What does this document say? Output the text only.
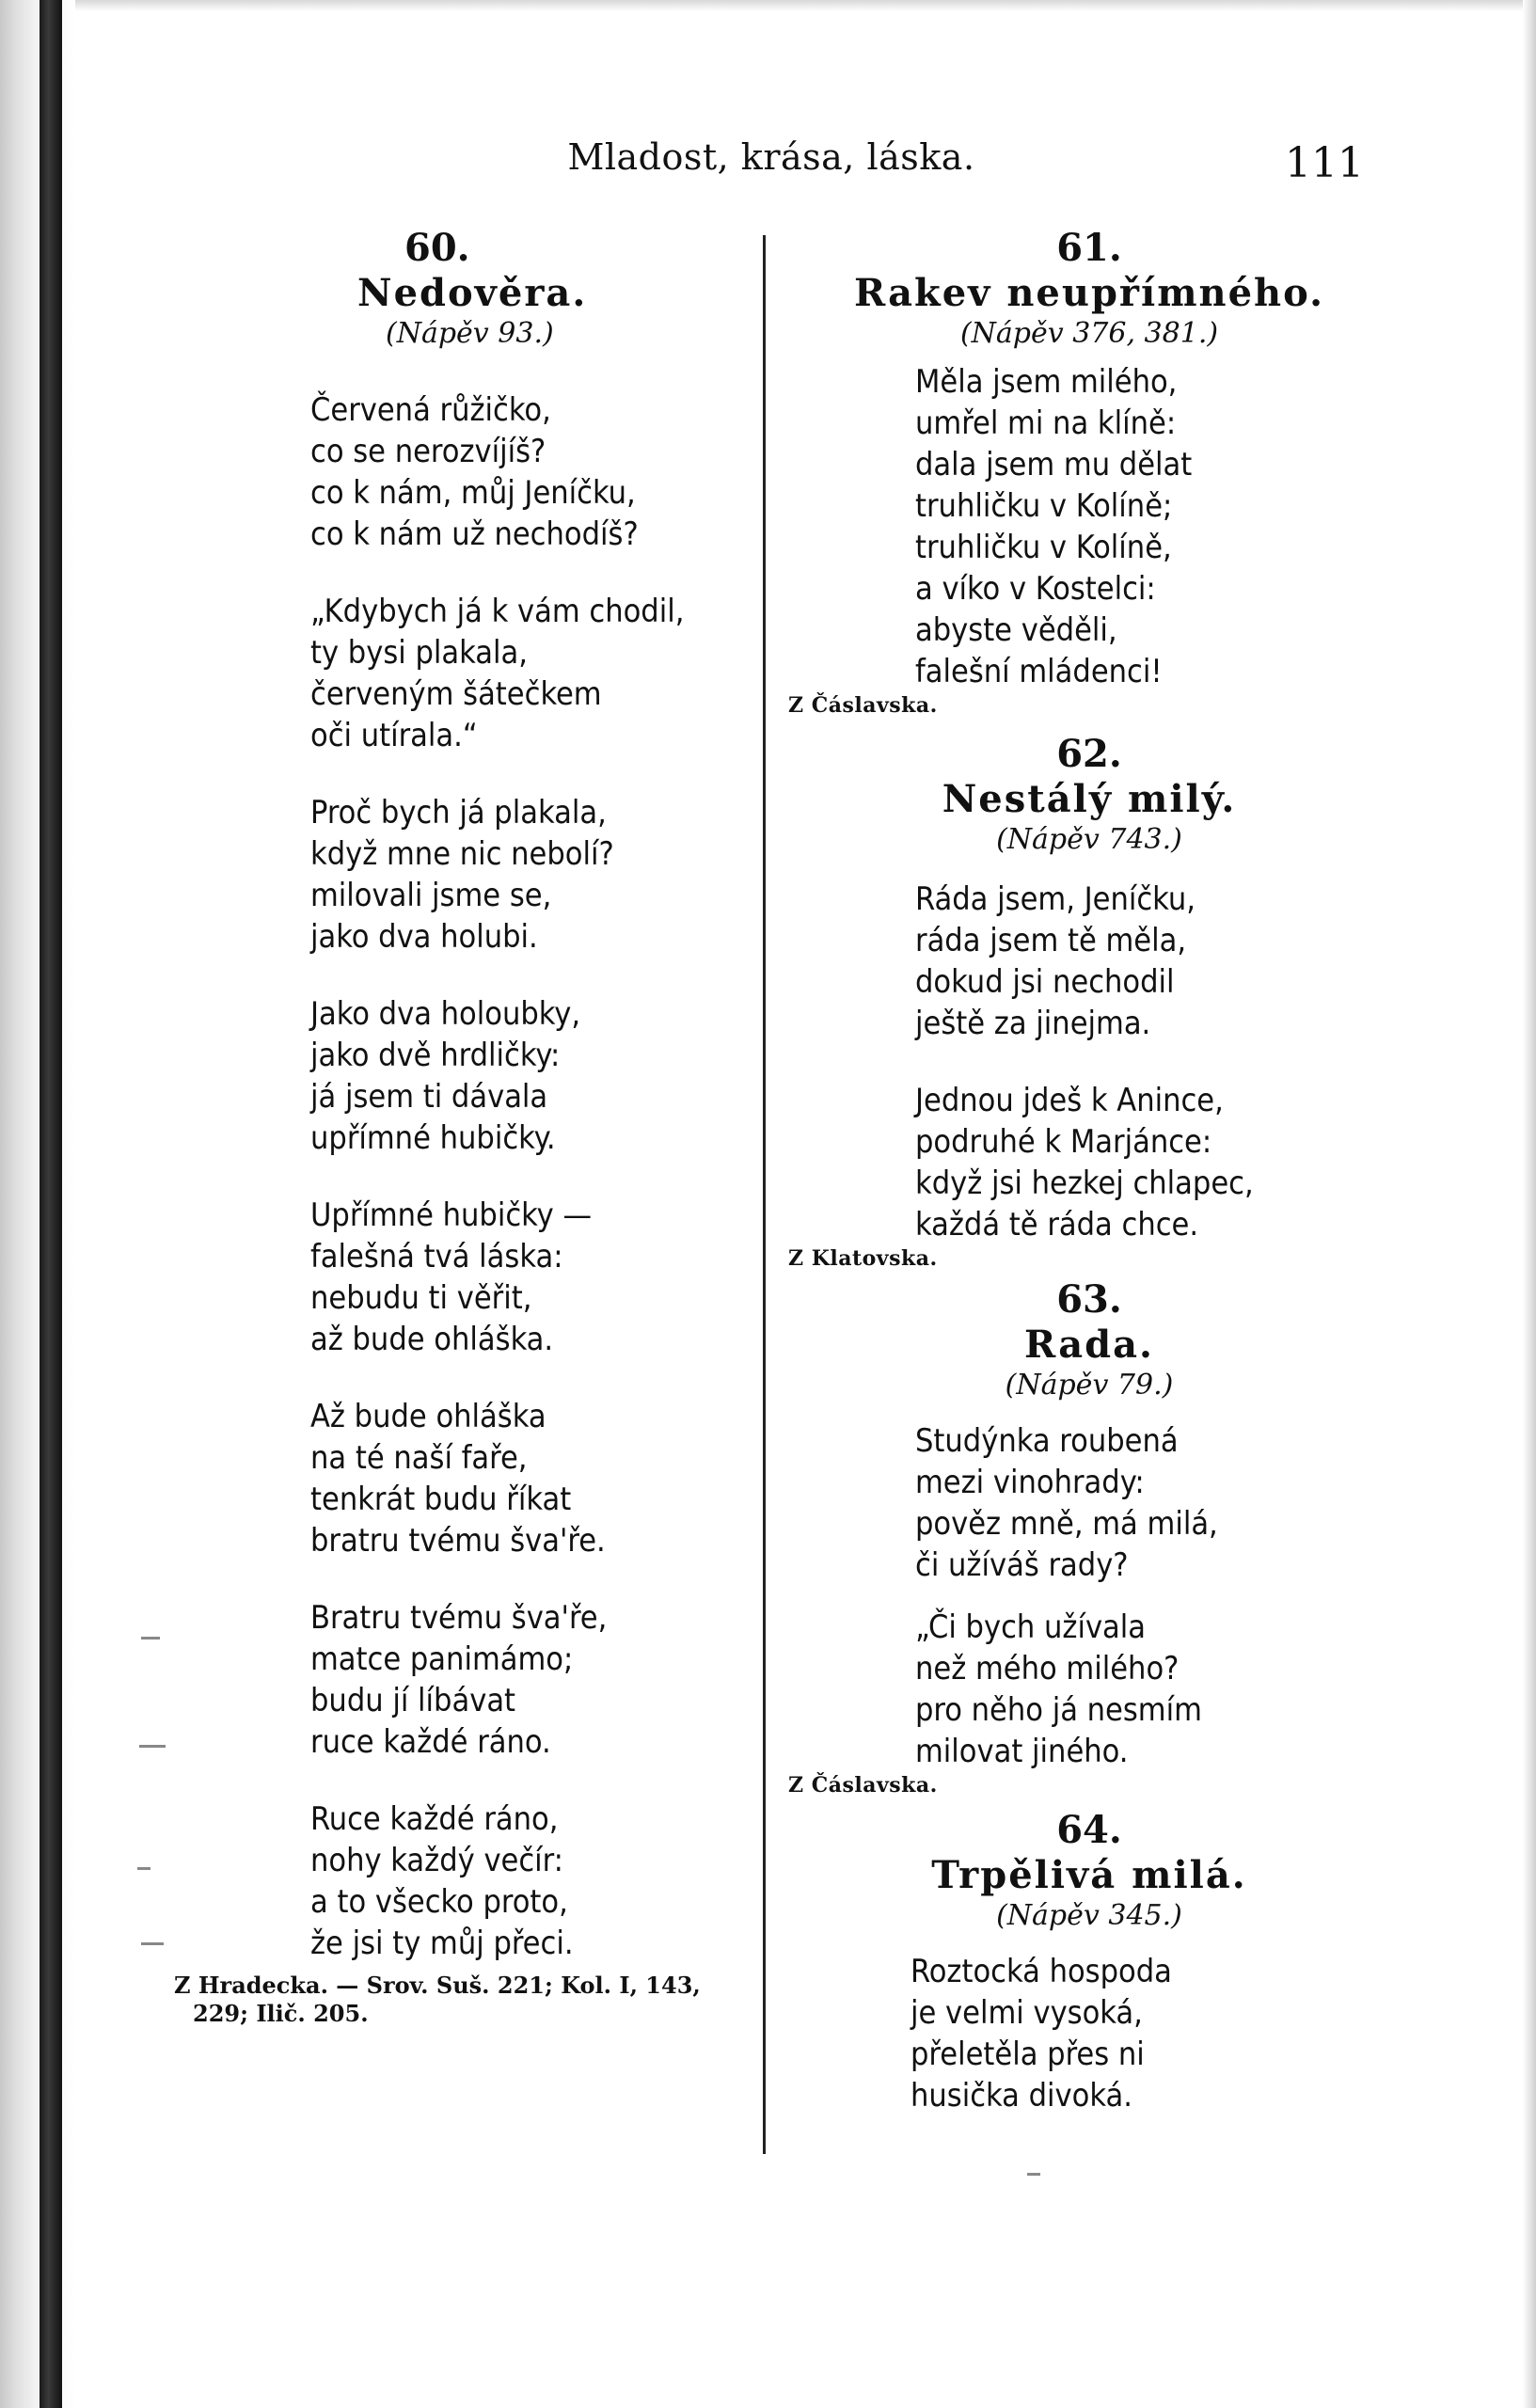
Mladost, krása, láska.	111
60.
Nedověra.
(Nápěv 93.)
Červená růžičko,
co se nerozvíjíš?
co k nám, můj Jeníčku,
co k nám už nechodíš?
„Kdybych já k vám chodil,
ty bysi plakala,
červeným šátečkem
oči utírala.“
Proč bych já plakala,
když mne nic nebolí?
milovali jsme se,
jako dva holubi.
Jako dva holoubky,
jako dvě hrdličky:
já jsem ti dávala
upřímné hubičky.
Upřímné hubičky —
falešná tvá láska:
nebudu ti věřit,
až bude ohláška.
Až bude ohláška
na té naší faře,
tenkrát budu říkat
bratru tvému šva'ře.
Bratru tvému šva'ře,
matce panimámo;
budu jí líbávat
ruce každé ráno.
Ruce každé ráno,
nohy každý večír:
a to všecko proto,
že jsi ty můj přeci.
Z Hradecka. — Srov. Suš. 221; Kol. I, 143,
229; Ilič. 205.
61.
Rakev neupřímného.
(Nápěv 376, 381.)
Měla jsem milého,
umřel mi na klíně:
dala jsem mu dělat
truhličku v Kolíně;
truhličku v Kolíně,
a víko v Kostelci:
abyste věděli,
falešní mládenci!
Z Čáslavska.
62.
Nestálý milý.
(Nápěv 743.)
Ráda jsem, Jeníčku,
ráda jsem tě měla,
dokud jsi nechodil
ještě za jinejma.
Jednou jdeš k Anince,
podruhé k Marjánce:
když jsi hezkej chlapec,
každá tě ráda chce.
Z Klatovska.
63.
Rada.
(Nápěv 79.)
Studýnka roubená
mezi vinohrady:
pověz mně, má milá,
či užíváš rady?
„Či bych užívala
než mého milého?
pro něho já nesmím
milovat jiného.
Z Čáslavska.
64.
Trpělivá milá.
(Nápěv 345.)
Roztocká hospoda
je velmi vysoká,
přeletěla přes ni
husička divoká.
